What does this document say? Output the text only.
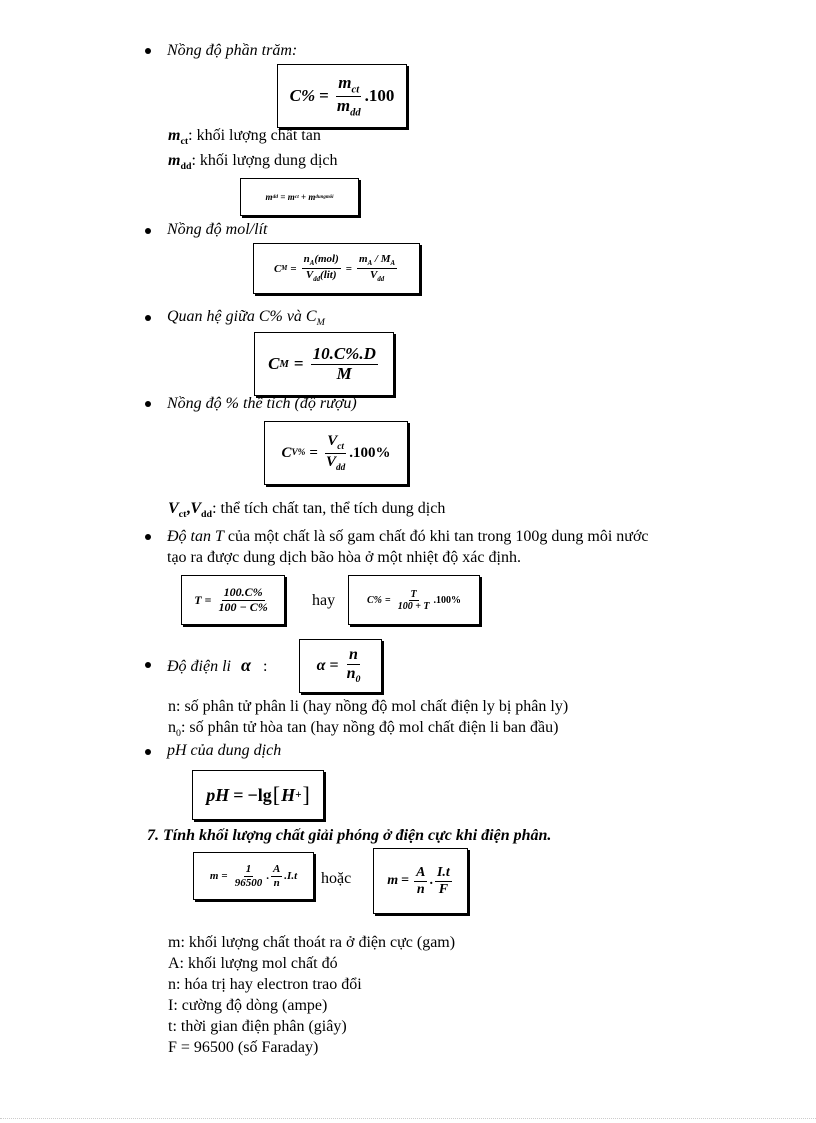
Nồng độ phần trăm:
$C\% = \frac{m_{ct}}{m_{dd}} .100$
$m_{ct}$: khối lượng chất tan
$m_{dd}$: khối lượng dung dịch
m dd = m ct + m dungmôi
Nồng độ mol/lít
C $M = \frac{n_A(mol)}{V_{dd}(lit)} = \frac{m_A / M_A}{V_{dd}}$
Quan hệ giữa C% và $C_M$
C $M = \frac{10.C\%.D}{M}$
Nồng độ % thể tích (độ rượu)
C $V\% = \frac{V_{ct}}{V_{dd}} .100\%$
$V_{ct},V_{dd}$: thể tích chất tan, thể tích dung dịch
Độ tan T của một chất là số gam chất đó khi tan trong 100g dung môi nước
tạo ra được dung dịch bão hòa ở một nhiệt độ xác định.
$T = \frac{100.C\%}{100 - C\%}$	hay	$C\% = \frac{T}{100 + T} .100\%$
Độ điện li α :	$\alpha = \frac{n}{n_0}$
n: số phân tử phân li (hay nồng độ mol chất điện ly bị phân ly)
$n_0$: số phân tử hòa tan (hay nồng độ mol chất điện li ban đầu)
pH của dung dịch
pH = −lg [ H + ]
7. Tính khối lượng chất giải phóng ở điện cực khi điện phân.
$m = \frac{1}{96500}$ . $\frac{A}{n} .I.t$ hoặc	$m = \frac{A}{n}$ . $\frac{I.t}{F}$
m: khối lượng chất thoát ra ở điện cực (gam)
A: khối lượng mol chất đó
n: hóa trị hay electron trao đổi
I: cường độ dòng (ampe)
t: thời gian điện phân (giây)
F = 96500 (số Faraday)
